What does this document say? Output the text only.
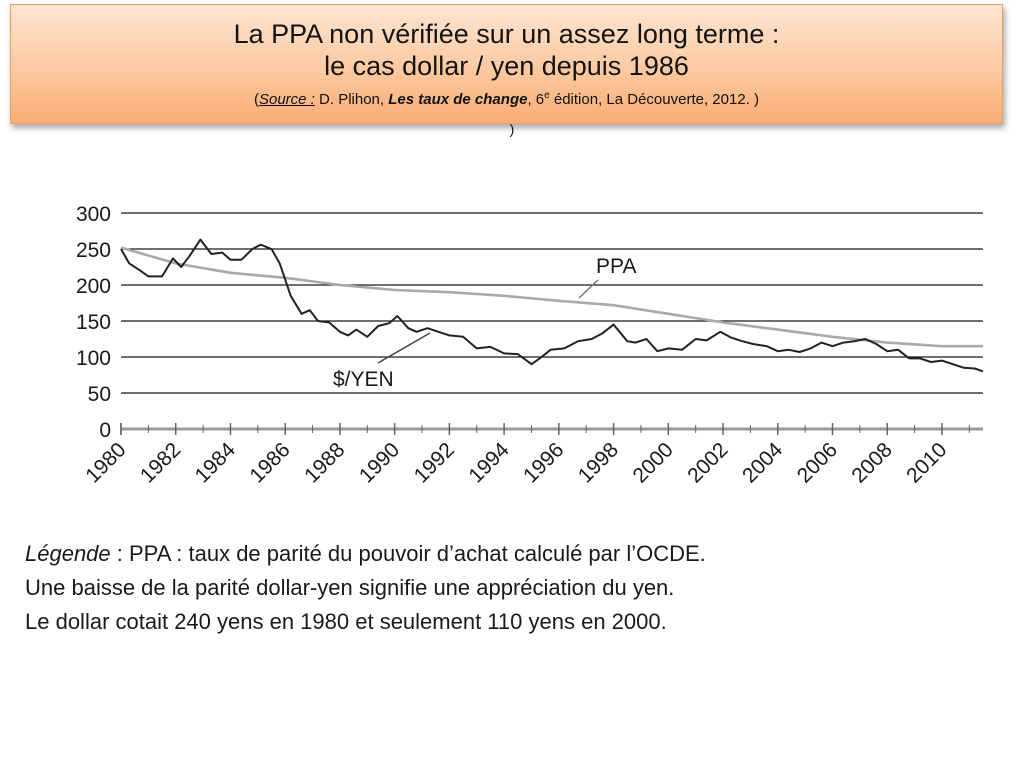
La PPA non vérifiée sur un assez long terme :
le cas dollar / yen depuis 1986
(Source : D. Plihon, Les taux de change, 6e édition, La Découverte, 2012. )
)
0
50
100
150
200
250
300
1980 1982 1984 1986 1988 1990 1992 1994 1996 1998 2000 2002 2004 2006 2008 2010
PPA
$/YEN

Légende : PPA : taux de parité du pouvoir d’achat calculé par l’OCDE.

Une baisse de la parité dollar-yen signifie une appréciation du yen.

Le dollar cotait 240 yens en 1980 et seulement 110 yens en 2000.
